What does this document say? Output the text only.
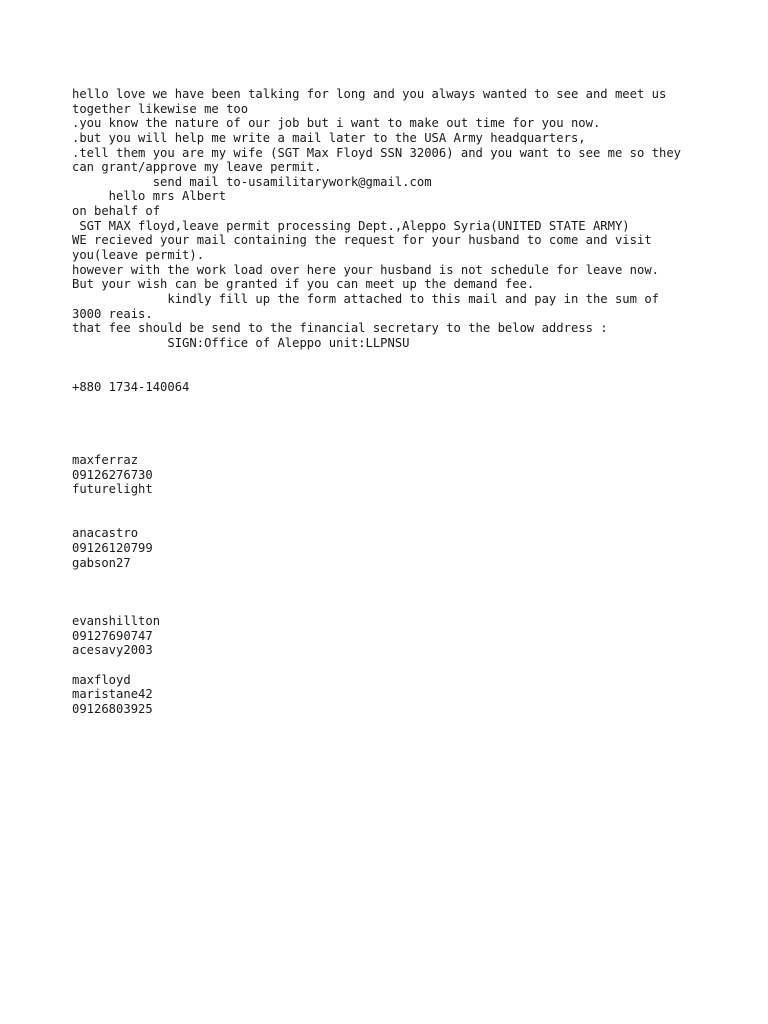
hello love we have been talking for long and you always wanted to see and meet us
together likewise me too
.you know the nature of our job but i want to make out time for you now.
.but you will help me write a mail later to the USA Army headquarters,
.tell them you are my wife (SGT Max Floyd SSN 32006) and you want to see me so they
can grant/approve my leave permit.
send mail to-usamilitarywork@gmail.com
hello mrs Albert
on behalf of
SGT MAX floyd,leave permit processing Dept.,Aleppo Syria(UNITED STATE ARMY)
WE recieved your mail containing the request for your husband to come and visit
you(leave permit).
however with the work load over here your husband is not schedule for leave now.
But your wish can be granted if you can meet up the demand fee.
kindly fill up the form attached to this mail and pay in the sum of
3000 reais.
that fee should be send to the financial secretary to the below address :
SIGN:Office of Aleppo unit:LLPNSU
+880 1734-140064
maxferraz
09126276730
futurelight
anacastro
09126120799
gabson27
evanshillton
09127690747
acesavy2003
maxfloyd
maristane42
09126803925
